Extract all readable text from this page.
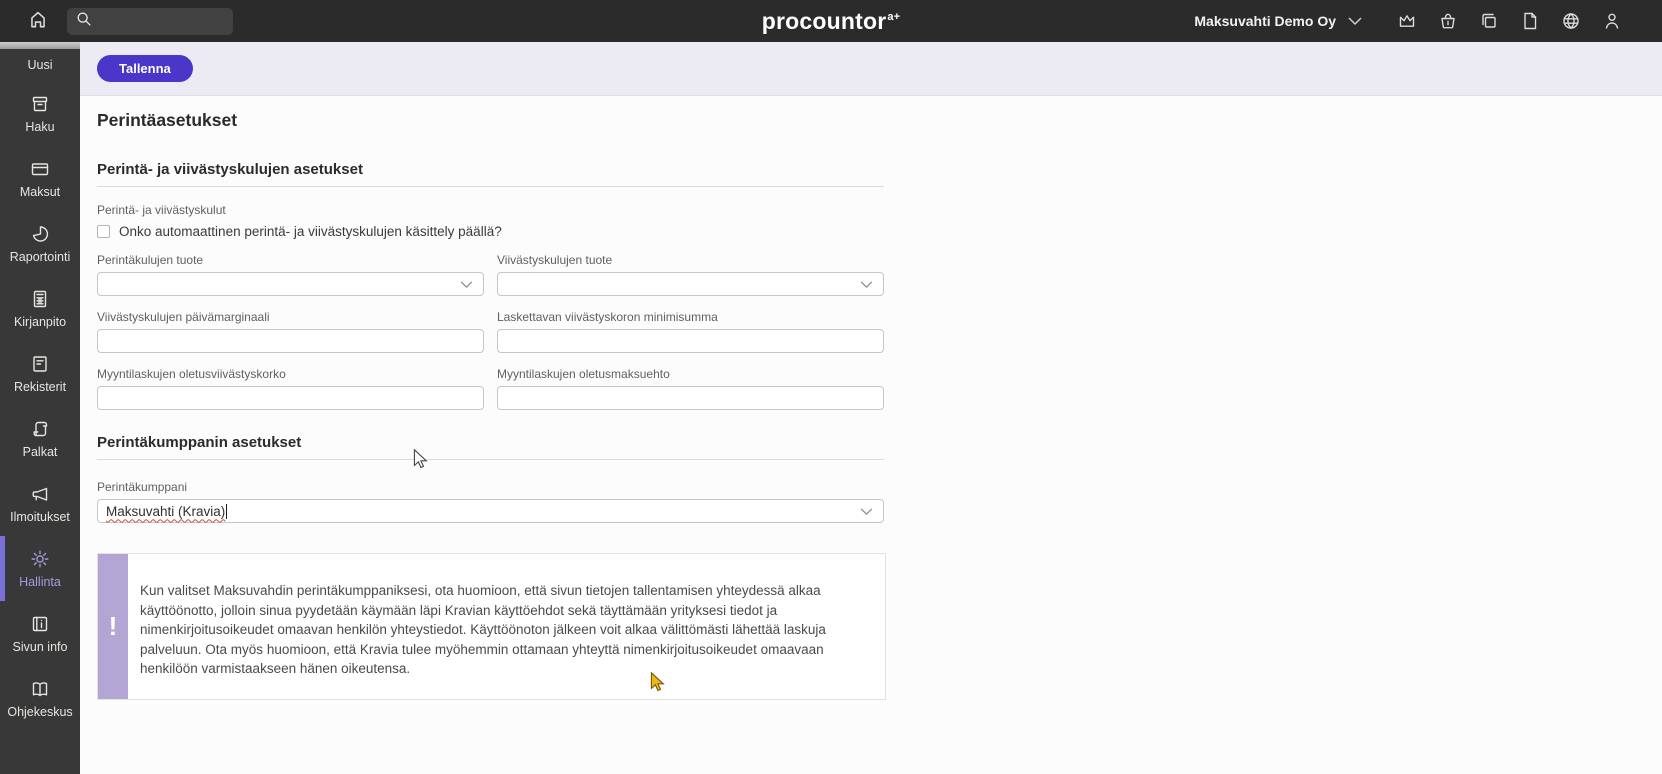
procountor$^{a+}$	Maksuvahti Demo Oy
Uusi
Haku
Maksut
Raportointi
Kirjanpito
Rekisterit
Palkat
Ilmoitukset
Hallinta
Sivun info
Ohjekeskus
Tallenna
Perintäasetukset
Perintä- ja viivästyskulujen asetukset
Perintä- ja viivästyskulut
Onko automaattinen perintä- ja viivästyskulujen käsittely päällä?
Perintäkulujen tuote	Viivästyskulujen tuote
Viivästyskulujen päivämarginaali	Laskettavan viivästyskoron minimisumma
Myyntilaskujen oletusviivästyskorko	Myyntilaskujen oletusmaksuehto
Perintäkumppanin asetukset
Perintäkumppani
Maksuvahti (Kravia)
!
Kun valitset Maksuvahdin perintäkumppaniksesi, ota huomioon, että sivun tietojen tallentamisen yhteydessä alkaa käyttöönotto, jolloin sinua pyydetään käymään läpi Kravian käyttöehdot sekä täyttämään yrityksesi tiedot ja nimenkirjoitusoikeudet omaavan henkilön yhteystiedot. Käyttöönoton jälkeen voit alkaa välittömästi lähettää laskuja palveluun. Ota myös huomioon, että Kravia tulee myöhemmin ottamaan yhteyttä nimenkirjoitusoikeudet omaavaan henkilöön varmistaakseen hänen oikeutensa.
